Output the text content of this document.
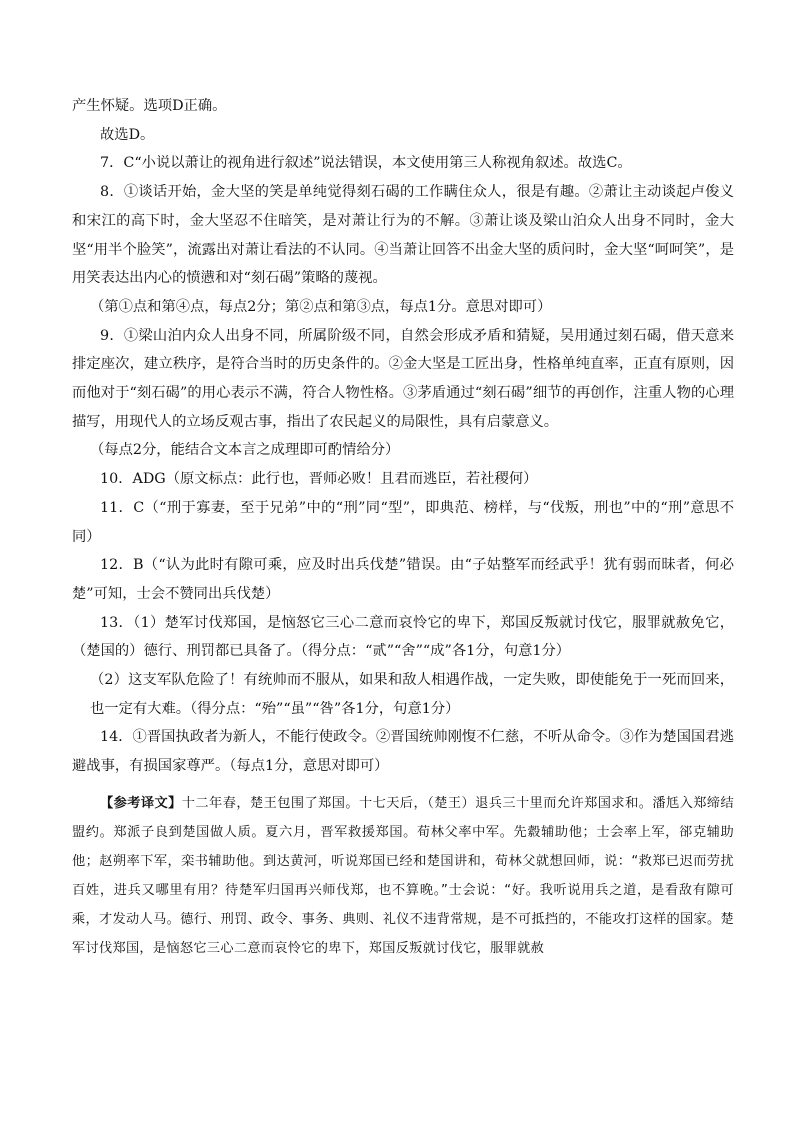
产生怀疑。选项D正确。

故选D。

7．C“小说以萧让的视角进行叙述”说法错误，本文使用第三人称视角叙述。故选C。

8．①谈话开始，金大坚的笑是单纯觉得刻石碣的工作瞒住众人，很是有趣。②萧让主动谈起卢俊义和宋江的高下时，金大坚忍不住暗笑，是对萧让行为的不解。③萧让谈及梁山泊众人出身不同时，金大坚“用半个脸笑”，流露出对萧让看法的不认同。④当萧让回答不出金大坚的质问时，金大坚“呵呵笑”，是用笑表达出内心的愤懑和对“刻石碣”策略的蔑视。

（第①点和第④点，每点2分；第②点和第③点，每点1分。意思对即可）

9．①梁山泊内众人出身不同，所属阶级不同，自然会形成矛盾和猜疑，吴用通过刻石碣，借天意来排定座次，建立秩序，是符合当时的历史条件的。②金大坚是工匠出身，性格单纯直率，正直有原则，因而他对于“刻石碣”的用心表示不满，符合人物性格。③茅盾通过“刻石碣”细节的再创作，注重人物的心理描写，用现代人的立场反观古事，指出了农民起义的局限性，具有启蒙意义。

（每点2分，能结合文本言之成理即可酌情给分）

10．ADG（原文标点：此行也，晋师必败！且君而逃臣，若社稷何）

11．C（“刑于寡妻，至于兄弟”中的“刑”同“型”，即典范、榜样，与“伐叛，刑也”中的“刑”意思不同）

12．B（“认为此时有隙可乘，应及时出兵伐楚”错误。由“子姑整军而经武乎！犹有弱而昧者，何必楚”可知，士会不赞同出兵伐楚）

13．（1）楚军讨伐郑国，是恼怒它三心二意而哀怜它的卑下，郑国反叛就讨伐它，服罪就赦免它，（楚国的）德行、刑罚都已具备了。（得分点：“贰”“舍”“成”各1分，句意1分）

（2）这支军队危险了！有统帅而不服从，如果和敌人相遇作战，一定失败，即使能免于一死而回来，也一定有大难。（得分点：“殆”“虽”“咎”各1分，句意1分）

14．①晋国执政者为新人，不能行使政令。②晋国统帅刚愎不仁慈，不听从命令。③作为楚国国君逃避战事，有损国家尊严。（每点1分，意思对即可）

【参考译文】十二年春，楚王包围了郑国。十七天后，（楚王）退兵三十里而允许郑国求和。潘尪入郑缔结盟约。郑派子良到楚国做人质。夏六月，晋军救援郑国。荀林父率中军。先縠辅助他；士会率上军，郤克辅助他；赵朔率下军，栾书辅助他。到达黄河，听说郑国已经和楚国讲和，荀林父就想回师，说：“救郑已迟而劳扰百姓，进兵又哪里有用？待楚军归国再兴师伐郑，也不算晚。”士会说：“好。我听说用兵之道，是看敌有隙可乘，才发动人马。德行、刑罚、政令、事务、典则、礼仪不违背常规，是不可抵挡的，不能攻打这样的国家。楚军讨伐郑国，是恼怒它三心二意而哀怜它的卑下，郑国反叛就讨伐它，服罪就赦
